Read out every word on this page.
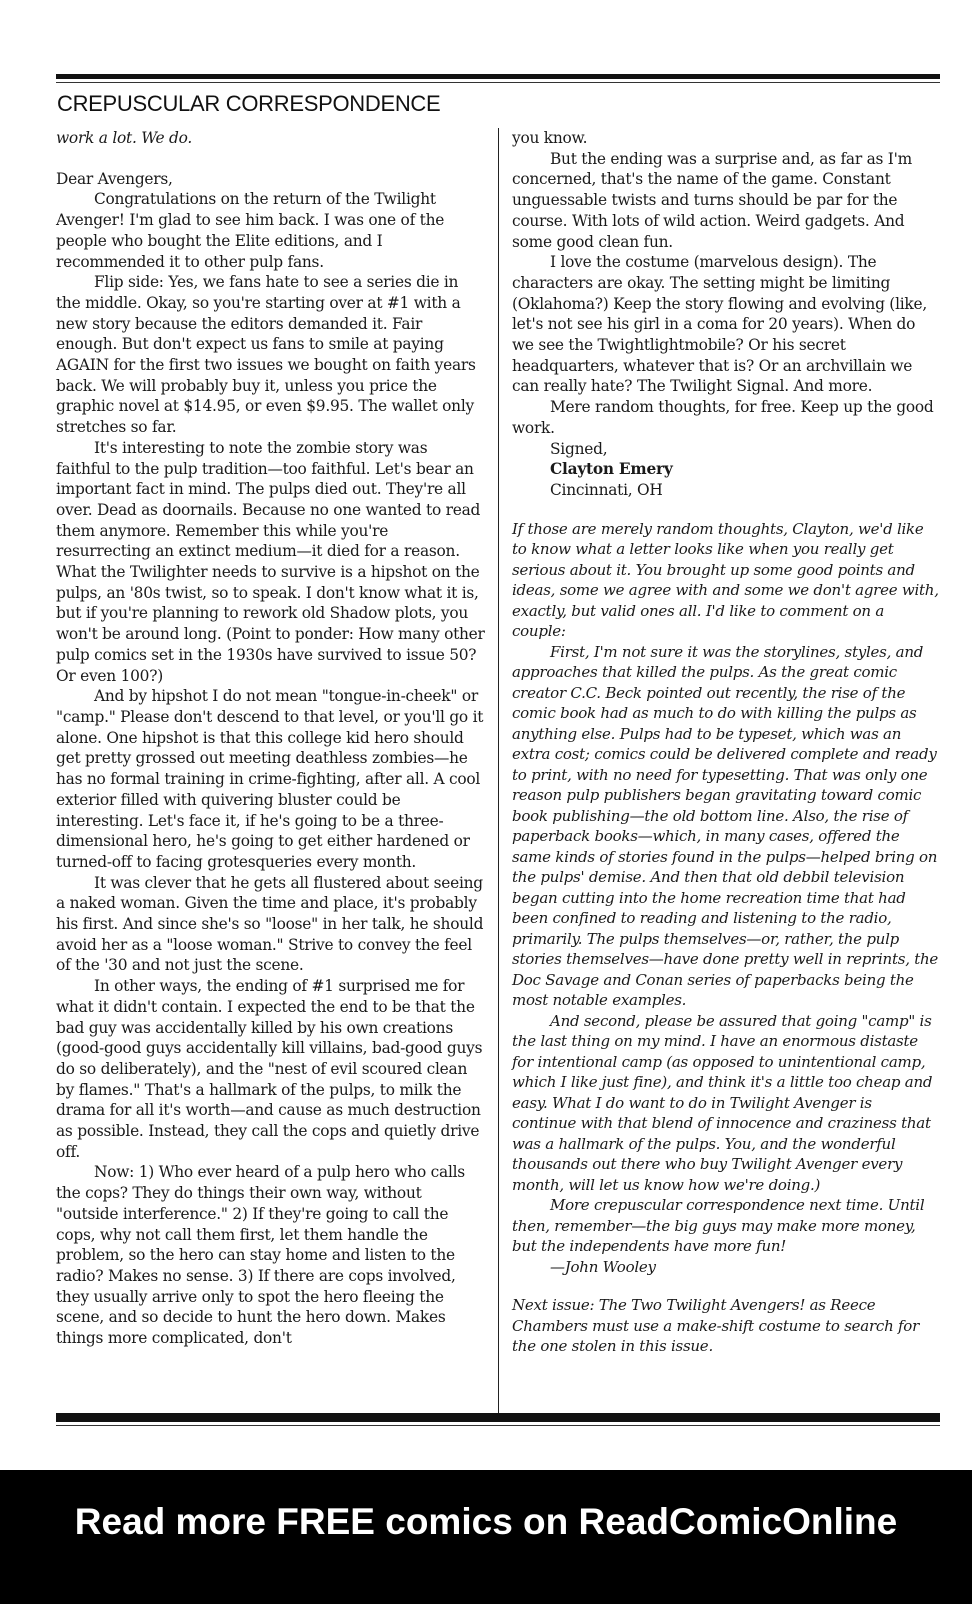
CREPUSCULAR CORRESPONDENCE

work a lot. We do.

Dear Avengers,

Congratulations on the return of the Twilight Avenger! I'm glad to see him back. I was one of the people who bought the Elite editions, and I recommended it to other pulp fans.

Flip side: Yes, we fans hate to see a series die in the middle. Okay, so you're starting over at #1 with a new story because the editors demanded it. Fair enough. But don't expect us fans to smile at paying AGAIN for the first two issues we bought on faith years back. We will probably buy it, unless you price the graphic novel at $14.95, or even $9.95. The wallet only stretches so far.

It's interesting to note the zombie story was faithful to the pulp tradition—too faithful. Let's bear an important fact in mind. The pulps died out. They're all over. Dead as doornails. Because no one wanted to read them anymore. Remember this while you're resurrecting an extinct medium—it died for a reason. What the Twilighter needs to survive is a hipshot on the pulps, an '80s twist, so to speak. I don't know what it is, but if you're planning to rework old Shadow plots, you won't be around long. (Point to ponder: How many other pulp comics set in the 1930s have survived to issue 50? Or even 100?)

And by hipshot I do not mean "tongue-in-cheek" or "camp." Please don't descend to that level, or you'll go it alone. One hipshot is that this college kid hero should get pretty grossed out meeting deathless zombies—he has no formal training in crime-fighting, after all. A cool exterior filled with quivering bluster could be interesting. Let's face it, if he's going to be a three-dimensional hero, he's going to get either hardened or turned-off to facing grotesqueries every month.

It was clever that he gets all flustered about seeing a naked woman. Given the time and place, it's probably his first. And since she's so "loose" in her talk, he should avoid her as a "loose woman." Strive to convey the feel of the '30 and not just the scene.

In other ways, the ending of #1 surprised me for what it didn't contain. I expected the end to be that the bad guy was accidentally killed by his own creations (good-good guys accidentally kill villains, bad-good guys do so deliberately), and the "nest of evil scoured clean by flames." That's a hallmark of the pulps, to milk the drama for all it's worth—and cause as much destruction as possible. Instead, they call the cops and quietly drive off.

Now: 1) Who ever heard of a pulp hero who calls the cops? They do things their own way, without "outside interference." 2) If they're going to call the cops, why not call them first, let them handle the problem, so the hero can stay home and listen to the radio? Makes no sense. 3) If there are cops involved, they usually arrive only to spot the hero fleeing the scene, and so decide to hunt the hero down. Makes things more complicated, don't

you know.

But the ending was a surprise and, as far as I'm concerned, that's the name of the game. Constant unguessable twists and turns should be par for the course. With lots of wild action. Weird gadgets. And some good clean fun.

I love the costume (marvelous design). The characters are okay. The setting might be limiting (Oklahoma?) Keep the story flowing and evolving (like, let's not see his girl in a coma for 20 years). When do we see the Twightlightmobile? Or his secret headquarters, whatever that is? Or an archvillain we can really hate? The Twilight Signal. And more.

Mere random thoughts, for free. Keep up the good work.

Signed,

Clayton Emery

Cincinnati, OH

If those are merely random thoughts, Clayton, we'd like to know what a letter looks like when you really get serious about it. You brought up some good points and ideas, some we agree with and some we don't agree with, exactly, but valid ones all. I'd like to comment on a couple:

First, I'm not sure it was the storylines, styles, and approaches that killed the pulps. As the great comic creator C.C. Beck pointed out recently, the rise of the comic book had as much to do with killing the pulps as anything else. Pulps had to be typeset, which was an extra cost; comics could be delivered complete and ready to print, with no need for typesetting. That was only one reason pulp publishers began gravitating toward comic book publishing—the old bottom line. Also, the rise of paperback books—which, in many cases, offered the same kinds of stories found in the pulps—helped bring on the pulps' demise. And then that old debbil television began cutting into the home recreation time that had been confined to reading and listening to the radio, primarily. The pulps themselves—or, rather, the pulp stories themselves—have done pretty well in reprints, the Doc Savage and Conan series of paperbacks being the most notable examples.

And second, please be assured that going "camp" is the last thing on my mind. I have an enormous distaste for intentional camp (as opposed to unintentional camp, which I like just fine), and think it's a little too cheap and easy. What I do want to do in Twilight Avenger is continue with that blend of innocence and craziness that was a hallmark of the pulps. You, and the wonderful thousands out there who buy Twilight Avenger every month, will let us know how we're doing.)

More crepuscular correspondence next time. Until then, remember—the big guys may make more money, but the independents have more fun!

—John Wooley

Next issue: The Two Twilight Avengers! as Reece Chambers must use a make-shift costume to search for the one stolen in this issue.

Read more FREE comics on ReadComicOnline
